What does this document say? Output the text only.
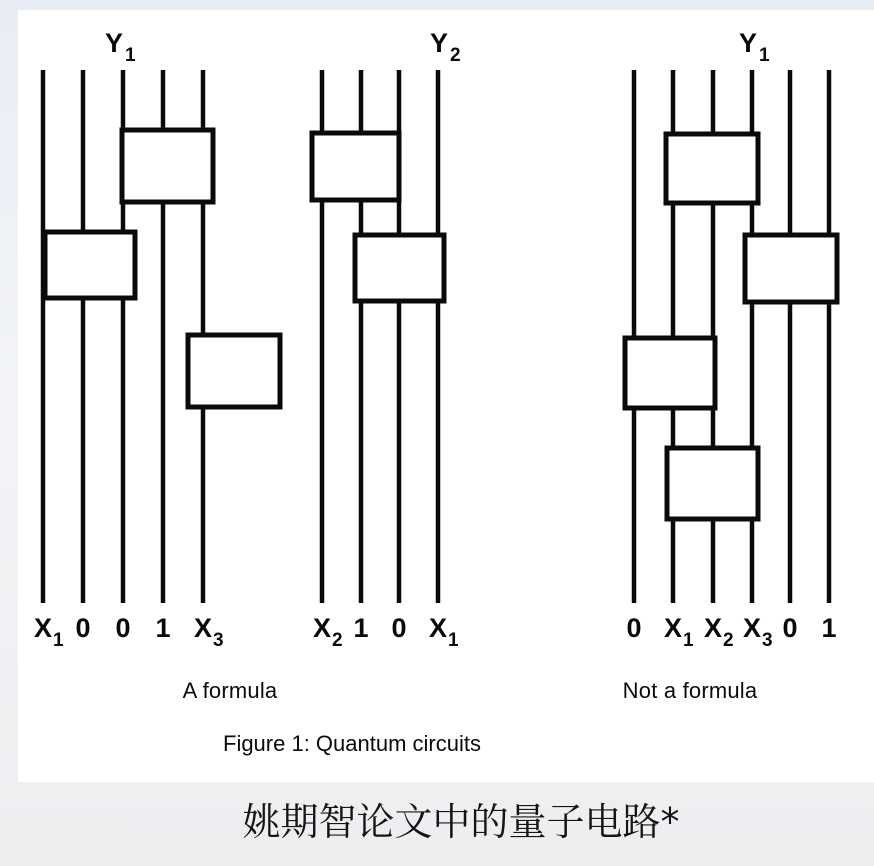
Y 1
X 1 0 0 1 X 3
Y 2
X 2 1 0 X 1
Y 1
0 X 1 X 2 X 3 0 1
A formula	Not a formula
Figure 1: Quantum circuits
姚期智论文中的量子电路*
